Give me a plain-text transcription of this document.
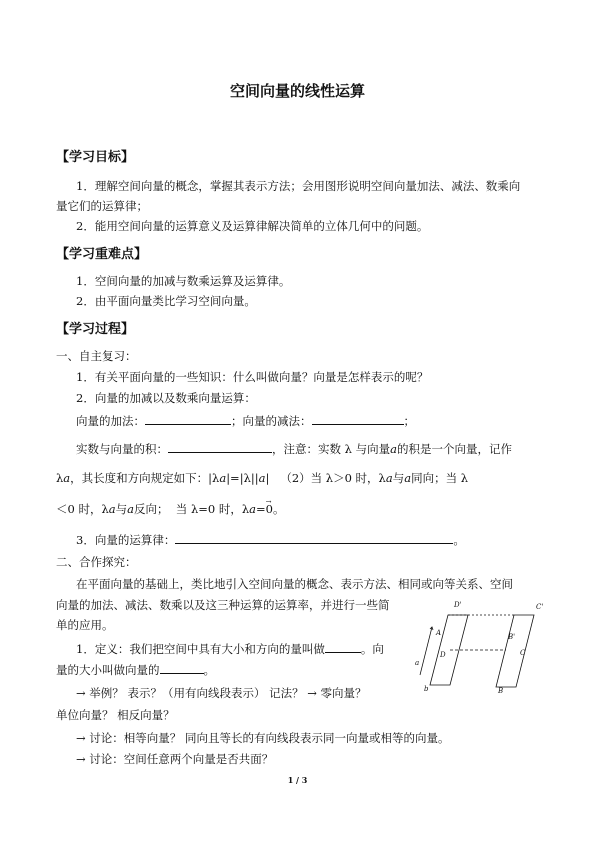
空间向量的线性运算
【学习目标】
1．理解空间向量的概念，掌握其表示方法；会用图形说明空间向量加法、减法、数乘向
量它们的运算律；
2．能用空间向量的运算意义及运算律解决简单的立体几何中的问题。
【学习重难点】
1．空间向量的加减与数乘运算及运算律。
2．由平面向量类比学习空间向量。
【学习过程】
一、自主复习：
1．有关平面向量的一些知识：什么叫做向量？向量是怎样表示的呢？
2．向量的加减以及数乘向量运算：
向量的加法：	；向量的减法：	；
实数与向量的积：	，注意：实数 λ 与向量a的积是一个向量，记作
λa，其长度和方向规定如下：|λa|=|λ||a| （2）当 λ＞0 时，λa与a同向；当 λ
＜0 时，λa与a反向； 当 λ=0 时，λa=→ 0。
3．向量的运算律：	。
二、合作探究：
在平面向量的基础上，类比地引入空间向量的概念、表示方法、相同或向等关系、空间
向量的加法、减法、数乘以及这三种运算的运算率，并进行一些简
单的应用。
1．定义：我们把空间中具有大小和方向的量叫做	。向
量的大小叫做向量的	。
→ 举例？ 表示？（用有向线段表示） 记法？ → 零向量？
单位向量？ 相反向量？
→ 讨论：相等向量？ 同向且等长的有向线段表示同一向量或相等的向量。
→ 讨论：空间任意两个向量是否共面？
D'	C'
A	B'
B
D	C
a
b
1 / 3
